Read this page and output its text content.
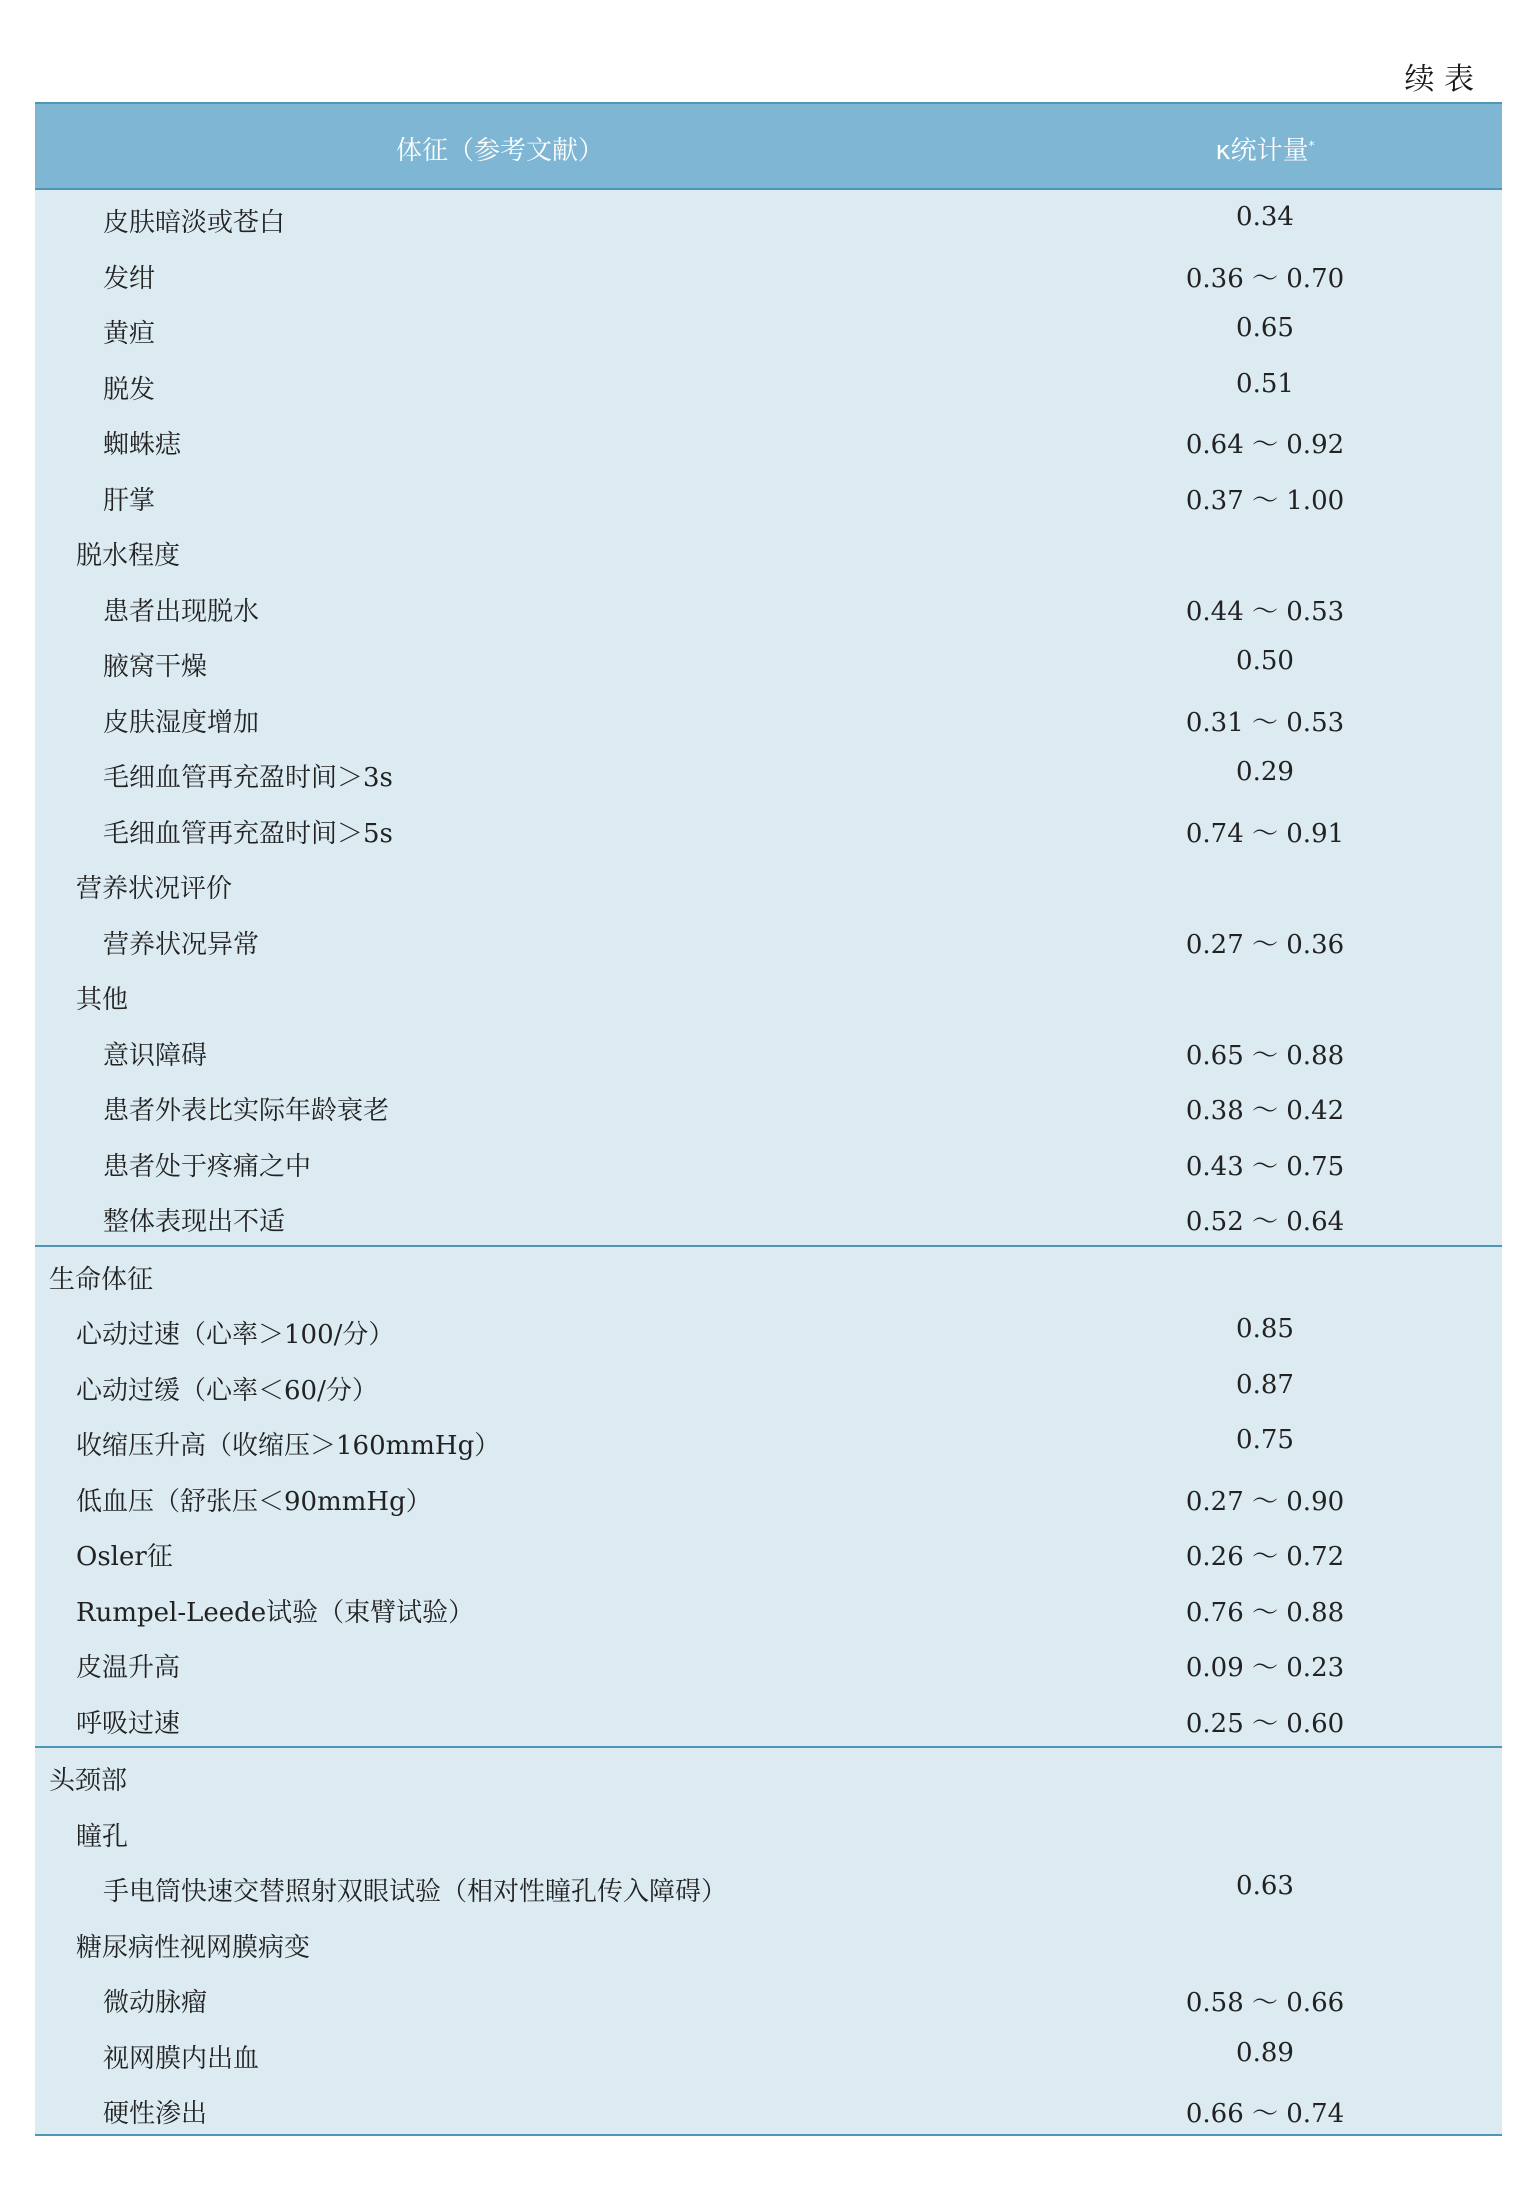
续 表
体征（参考文献）	κ统计量*
皮肤暗淡或苍白	0.34
发绀	0.36 ～ 0.70
黄疸	0.65
脱发	0.51
蜘蛛痣	0.64 ～ 0.92
肝掌	0.37 ～ 1.00
脱水程度
患者出现脱水	0.44 ～ 0.53
腋窝干燥	0.50
皮肤湿度增加	0.31 ～ 0.53
毛细血管再充盈时间＞3s	0.29
毛细血管再充盈时间＞5s	0.74 ～ 0.91
营养状况评价
营养状况异常	0.27 ～ 0.36
其他
意识障碍	0.65 ～ 0.88
患者外表比实际年龄衰老	0.38 ～ 0.42
患者处于疼痛之中	0.43 ～ 0.75
整体表现出不适	0.52 ～ 0.64
生命体征
心动过速（心率＞100/分）	0.85
心动过缓（心率＜60/分）	0.87
收缩压升高（收缩压＞160mmHg）	0.75
低血压（舒张压＜90mmHg）	0.27 ～ 0.90
Osler征	0.26 ～ 0.72
Rumpel-Leede试验（束臂试验）	0.76 ～ 0.88
皮温升高	0.09 ～ 0.23
呼吸过速	0.25 ～ 0.60
头颈部
瞳孔
手电筒快速交替照射双眼试验（相对性瞳孔传入障碍）	0.63
糖尿病性视网膜病变
微动脉瘤	0.58 ～ 0.66
视网膜内出血	0.89
硬性渗出	0.66 ～ 0.74
